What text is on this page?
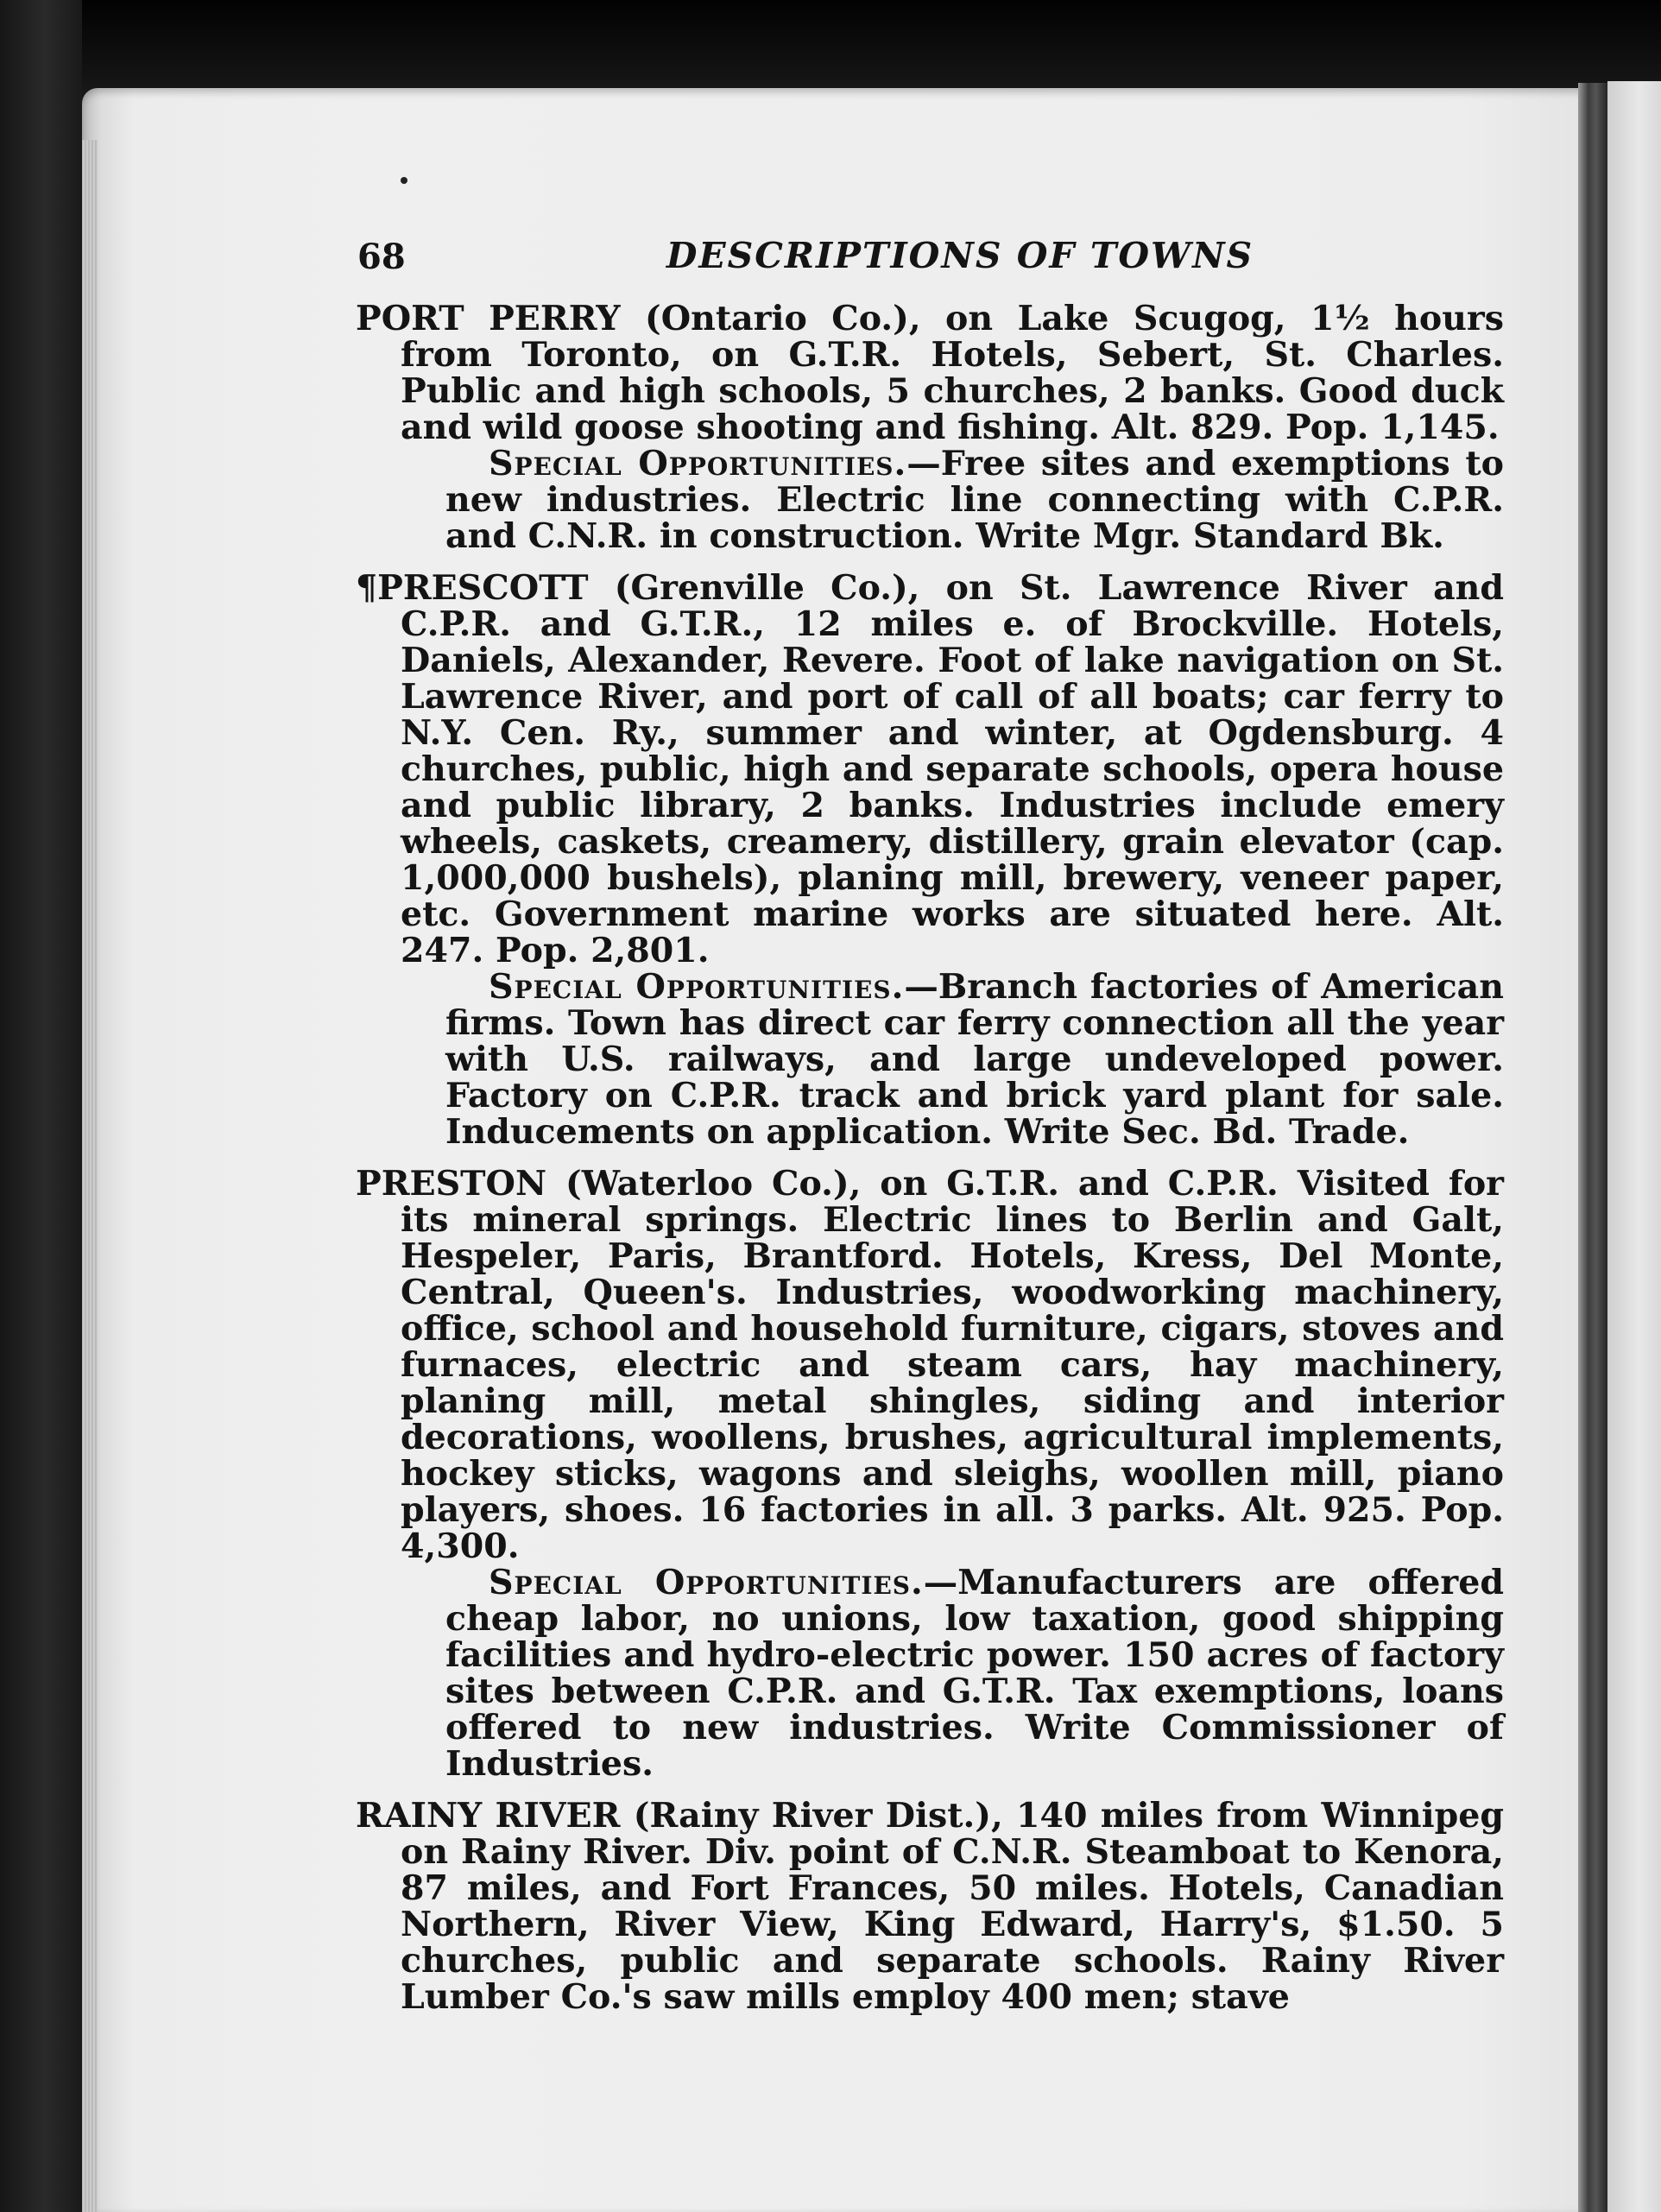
68	DESCRIPTIONS OF TOWNS
PORT PERRY (Ontario Co.), on Lake Scugog, 1½ hours from Toronto, on G.T.R. Hotels, Sebert, St. Charles. Public and high schools, 5 churches, 2 banks. Good duck and wild goose shooting and fishing. Alt. 829. Pop. 1,145.
Special Opportunities.—Free sites and exemptions to new industries. Electric line connecting with C.P.R. and C.N.R. in construction. Write Mgr. Standard Bk.
¶PRESCOTT (Grenville Co.), on St. Lawrence River and C.P.R. and G.T.R., 12 miles e. of Brockville. Hotels, Daniels, Alexander, Revere. Foot of lake navigation on St. Lawrence River, and port of call of all boats; car ferry to N.Y. Cen. Ry., summer and winter, at Ogdensburg. 4 churches, public, high and separate schools, opera house and public library, 2 banks. Industries include emery wheels, caskets, creamery, distillery, grain elevator (cap. 1,000,000 bushels), planing mill, brewery, veneer paper, etc. Government marine works are situated here. Alt. 247. Pop. 2,801.
Special Opportunities.—Branch factories of American firms. Town has direct car ferry connection all the year with U.S. railways, and large undeveloped power. Factory on C.P.R. track and brick yard plant for sale. Inducements on application. Write Sec. Bd. Trade.
PRESTON (Waterloo Co.), on G.T.R. and C.P.R. Visited for its mineral springs. Electric lines to Berlin and Galt, Hespeler, Paris, Brantford. Hotels, Kress, Del Monte, Central, Queen's. Industries, woodworking machinery, office, school and household furniture, cigars, stoves and furnaces, electric and steam cars, hay machinery, planing mill, metal shingles, siding and interior decorations, woollens, brushes, agricultural implements, hockey sticks, wagons and sleighs, woollen mill, piano players, shoes. 16 factories in all. 3 parks. Alt. 925. Pop. 4,300.
Special Opportunities.—Manufacturers are offered cheap labor, no unions, low taxation, good shipping facilities and hydro-electric power. 150 acres of factory sites between C.P.R. and G.T.R. Tax exemptions, loans offered to new industries. Write Commissioner of Industries.
RAINY RIVER (Rainy River Dist.), 140 miles from Winnipeg on Rainy River. Div. point of C.N.R. Steamboat to Kenora, 87 miles, and Fort Frances, 50 miles. Hotels, Canadian Northern, River View, King Edward, Harry's, $1.50. 5 churches, public and separate schools. Rainy River Lumber Co.'s saw mills employ 400 men; stave
